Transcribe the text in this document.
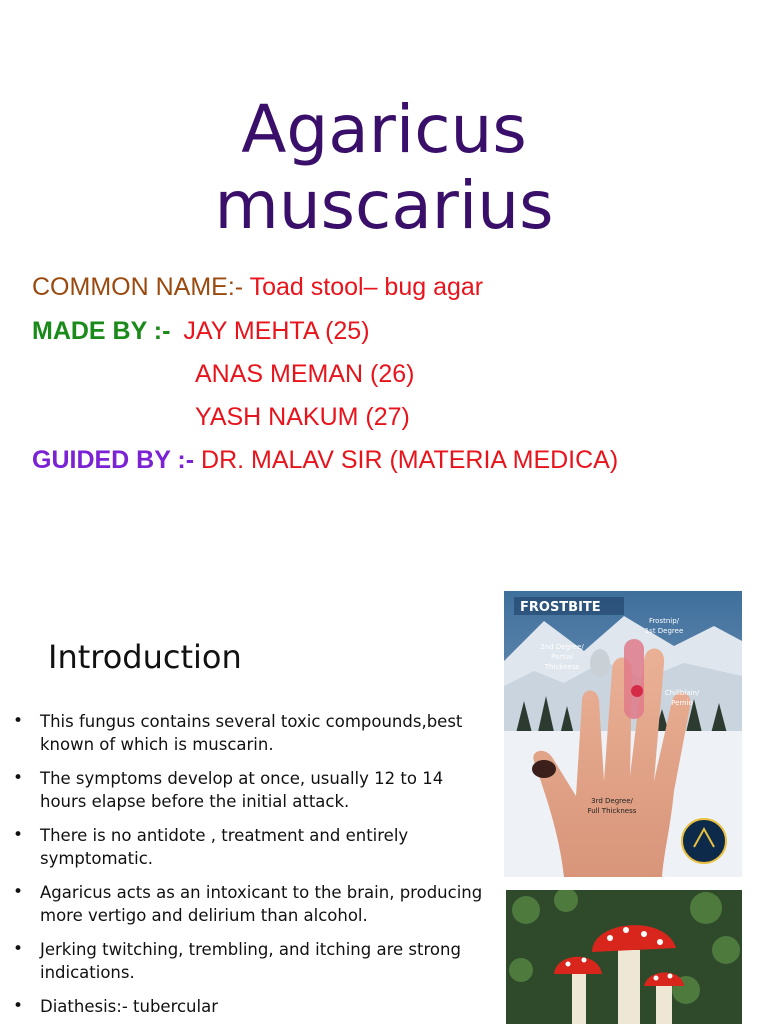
Agaricus
muscarius
COMMON NAME:- Toad stool– bug agar
MADE BY :- JAY MEHTA (25)
ANAS MEMAN (26)
YASH NAKUM (27)
GUIDED BY :- DR. MALAV SIR (MATERIA MEDICA)
Introduction
• This fungus contains several toxic compounds,best known of which is muscarin.
• The symptoms develop at once, usually 12 to 14 hours elapse before the initial attack.
• There is no antidote , treatment and entirely symptomatic.
• Agaricus acts as an intoxicant to the brain, producing more vertigo and delirium than alcohol.
• Jerking twitching, trembling, and itching are strong indications.
• Diathesis:- tubercular
FROSTBITE
Frostnip/
1st Degree
2nd Degree/
Partial
Thickness
Chillblain/
Pernio
3rd Degree/
Full Thickness
